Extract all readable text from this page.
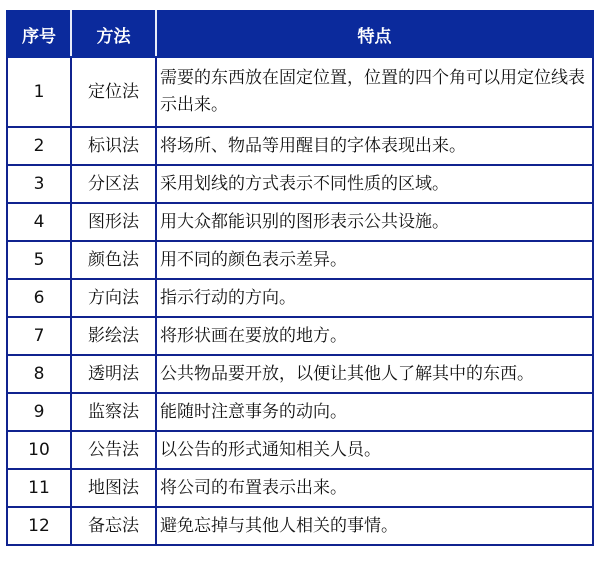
序号	方法	特点
1	定位法	需要的东西放在固定位置，位置的四个角可以用定位线表示出来。
2	标识法	将场所、物品等用醒目的字体表现出来。
3	分区法	采用划线的方式表示不同性质的区域。
4	图形法	用大众都能识别的图形表示公共设施。
5	颜色法	用不同的颜色表示差异。
6	方向法	指示行动的方向。
7	影绘法	将形状画在要放的地方。
8	透明法	公共物品要开放，以便让其他人了解其中的东西。
9	监察法	能随时注意事务的动向。
10	公告法	以公告的形式通知相关人员。
11	地图法	将公司的布置表示出来。
12	备忘法	避免忘掉与其他人相关的事情。
